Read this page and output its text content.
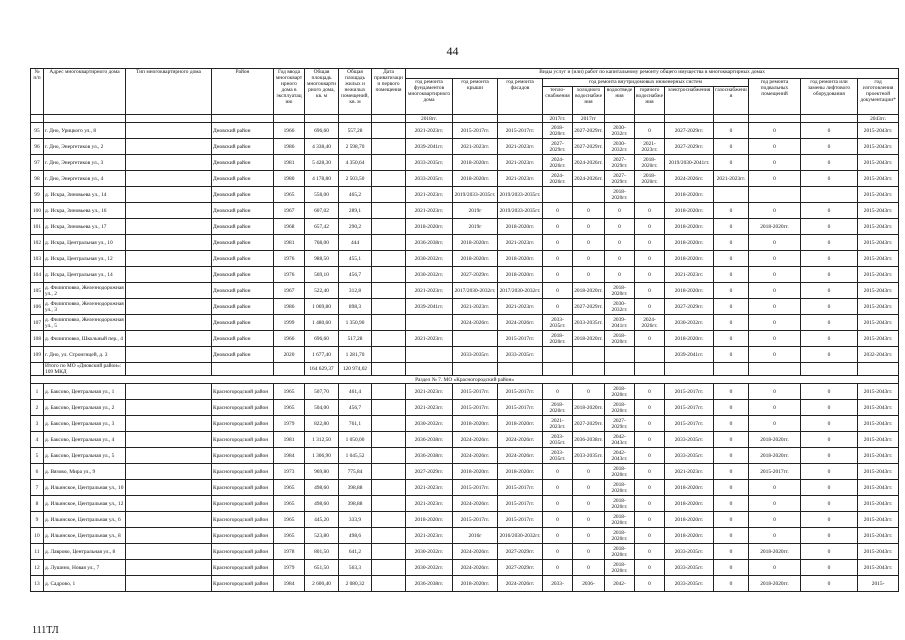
44
№ п/п	Адрес многоквартирного дома	Тип многоквартирного дома	Район	Год ввода многоквартирного дома в эксплуатацию	Общая площадь многоквартирного дома, кв. м	Общая площадь жилых и нежилых помещений, кв. м	Дата приватизации первого помещения	Виды услуг и (или) работ по капитальному ремонту общего имущества в многоквартирных домах											
								год ремонта фундаментов многоквартирного дома	год ремонта крыши	год ремонта фасадов	год ремонта внутридомовых инженерных систем						год ремонта подвальных помещений	год ремонта или замены лифтового оборудования	год изготовления проектной документации*
											тепло-снабжения	холодного водоснабжения	водоотведения	горячего водоснабжения	электроснабжения	газоснабжения			
								2018гг.			2017гг.	2017гг							2043гг.
95	г. Дно, Урицкого ул., 8		Дновский район	1966	696,60	557,28		2021-2023гг.	2015-2017гг.	2015-2017гг.	2018-2020гг.	2027-2029гг.	2030-2032гг.	0	2027-2029гг.	0	0	0	2015-2043гг.
96	г. Дно, Энергетиков ул., 2		Дновский район	1986	4 338,40	2 598,70		2039-2041гг.	2021-2023гг.	2021-2023гг.	2027-2029гг.	2027-2029гг.	2030-2032гг.	2021-2023гг.	2027-2029гг.	0	0	0	2015-2043гг.
97	г. Дно, Энергетиков ул., 3		Дновский район	1981	5 428,30	4 350,64		2033-2035гг.	2018-2020гг.	2021-2023гг.	2024-2026гг.	2024-2026гг.	2027-2029гг.	2018-2020гг.	2019/2030-2041гг.	0	0	0	2015-2043гг.
98	г. Дно, Энергетиков ул., 4		Дновский район	1980	4 178,80	2 503,50		2033-2035гг.	2018-2020гг.	2021-2023гг.	2024-2026гг.	2024-2026гг.	2027-2029гг.	2018-2020гг.	2024-2026гг.	2021-2023гг.	0	0	2015-2043гг.
99	д. Искра, Зиновьева ул., 14		Дновский район	1965	558,00	465,2		2021-2023гг.	2019/2033-2035гг.	2019/2033-2035гг.			2018-2020гг.		2018-2020гг.				2015-2043гг.
100	д. Искра, Зиновьева ул., 16		Дновский район	1967	607,02	289,1		2021-2023гг.	2019г	2019/2033-2035гг.	0	0	0	0	2018-2020гг.	0	0	0	2015-2043гг.
101	д. Искра, Зиновьева ул., 17		Дновский район	1968	657,42	290,2		2018-2020гг.	2019г	2018-2020гг.	0	0	0	0	2018-2020гг.	0	2018-2020гг.	0	2015-2043гг.
102	д. Искра, Центральная ул., 10		Дновский район	1981	768,00	444		2036-2038гг.	2018-2020гг.	2021-2023гг.	0	0	0	0	2018-2020гг.	0	0	0	2015-2043гг.
103	д. Искра, Центральная ул., 12		Дновский район	1976	988,50	455,1		2030-2032гг.	2018-2020гг.	2018-2020гг.	0	0	0	0	2018-2020гг.	0	0	0	2015-2043гг.
104	д. Искра, Центральная ул., 14		Дновский район	1976	569,10	456,7		2030-2032гг.	2027-2029гг.	2018-2020гг.	0	0	0	0	2021-2023гг.	0	0	0	2015-2043гг.
105	д. Филипповко, Железнодорожная ул., 2		Дновский район	1967	522,40	312,8		2021-2023гг.	2017/2030-2032гг.	2017/2030-2032гг.	0	2018-2020гг.	2018-2020гг.	0	2018-2020гг.	0	0	0	2015-2043гг.
106	д. Филипповко, Железнодорожная ул., 3		Дновский район	1986	1 069,80	898,3		2039-2041гг.	2021-2023гг.	2021-2023гг.	0	2027-2029гг.	2030-2032гг.	0	2027-2029гг.	0	0	0	2015-2043гг.
107	д. Филипповко, Железнодорожная ул., 5		Дновский район	1999	1 480,60	1 350,90			2024-2026гг.	2024-2026гг.	2033-2035гг.	2033-2035гг.	2039-2041гг.	2024-2026гг.	2030-2032гг.	0	0	0	2015-2043гг.
108	д. Филипповко, Школьный пер., 4		Дновский район	1966	696,60	517,28		2021-2023гг.		2015-2017гг.	2018-2020гг.	2018-2020гг.	2018-2020гг.	0	2018-2020гг.	0	0	0	2015-2043гг.
109	г. Дно, ул. Стронгицей, д. 3		Дновский район	2020	1 677,40	1 281,70			2033-2035гг.	2033-2035гг.					2039-2041гг.	0	0	0	2032-2043гг.
	Итого по МО «Дновский район»: 109 МКД				164 629,37	120 974,02													
Раздел № 7. МО «Красногородский район»																			
1	д. Баксово, Центральная ул., 1		Красногородский район	1965	507,70	461,4		2021-2023гг.	2015-2017гг.	2015-2017гг.	0	0	2018-2020гг.	0	2015-2017гг.	0	0	0	2015-2043гг.
2	д. Баксово, Центральная ул., 2		Красногородский район	1965	504,00	456,7		2021-2023гг.	2015-2017гг.	2015-2017гг.	2018-2020гг.	2018-2020гг.	2018-2020гг.	0	2015-2017гг.	0	0	0	2015-2043гг.
3	д. Баксово, Центральная ул., 3		Красногородский район	1979	822,80	761,1		2030-2032гг.	2018-2020гг.	2018-2020гг.	2021-2023гг.	2027-2029гг.	2027-2029гг.	0	2015-2017гг.	0	0	0	2015-2043гг.
4	д. Баксово, Центральная ул., 4		Красногородский район	1981	1 312,50	1 050,00		2036-2038гг.	2024-2026гг.	2024-2026гг.	2033-2035гг.	2036-2038гг.	2042-2043гг.	0	2033-2035гг.	0	2018-2020гг.	0	2015-2043гг.
5	д. Баксово, Центральная ул., 5		Красногородский район	1984	1 306,90	1 045,52		2036-2038гг.	2024-2026гг.	2024-2026гг.	2033-2035гг.	2033-2035гг.	2042-2043гг.	0	2033-2035гг.	0	2018-2020гг.	0	2015-2043гг.
6	д. Вязово, Мира ул., 9		Красногородский район	1973	969,80	775,84		2027-2029гг.	2018-2020гг.	2018-2020гг.	0	0	2018-2020гг.	0	2021-2023гг.	0	2015-2017гг.	0	2015-2043гг.
7	д. Ильинское, Центральная ул., 10		Красногородский район	1965	498,60	398,88		2021-2023гг.	2015-2017гг.	2015-2017гг.	0	0	2018-2020гг.	0	2018-2020гг.	0	0	0	2015-2043гг.
8	д. Ильинское, Центральная ул., 12		Красногородский район	1965	498,60	398,88		2021-2023гг.	2024-2026гг.	2015-2017гг.	0	0	2018-2020гг.	0	2018-2020гг.	0	0	0	2015-2043гг.
9	д. Ильинское, Центральная ул., 6		Красногородский район	1965	445,20	333,9		2018-2020гг.	2015-2017гг.	2015-2017гг.	0	0	2018-2020гг.	0	2018-2020гг.	0	0	0	2015-2043гг.
10	д. Ильинское, Центральная ул., 8		Красногородский район	1965	523,80	498,6		2021-2023гг.	2016г	2016/2030-2032гг.	0	0	2018-2020гг.	0	2018-2020гг.	0	0	0	2015-2043гг.
11	д. Лаврово, Центральная ул., 8		Красногородский район	1978	801,50	641,2		2030-2032гг.	2024-2026гг.	2027-2029гг.	0	0	2018-2020гг.	0	2033-2035гг.	0	2018-2020гг.	0	2015-2043гг.
12	д. Лушино, Новая ул., 7		Красногородский район	1979	651,50	563,3		2030-2032гг.	2024-2026гг.	2027-2029гг.	0	0	2018-2020гг.	0	2033-2035гг.	0	0	0	2015-2043гг.
13	д. Садрово, 1		Красногородский район	1984	2 600,40	2 080,32		2036-2038гг.	2018-2020гг.	2024-2026гг.	2033-	2036-	2042-	0	2033-2035гг.	0	2018-2020гг.	0	2015-
111ТЛ
